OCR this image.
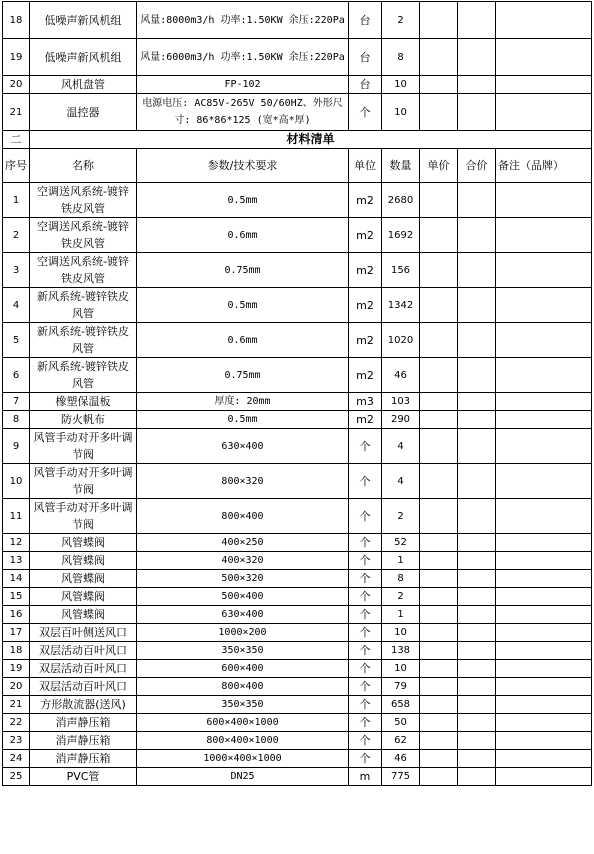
18	低噪声新风机组	风量:8000m3/h 功率:1.50KW 余压:220Pa	台	2			
19	低噪声新风机组	风量:6000m3/h 功率:1.50KW 余压:220Pa	台	8			
20	风机盘管	FP-102	台	10			
21	温控器	电源电压: AC85V-265V 50/60HZ、外形尺寸: 86*86*125 (宽*高*厚)	个	10			
二	材料清单						
序号	名称	参数/技术要求	单位	数量	单价	合价	备注（品牌）
1	空调送风系统-镀锌铁皮风管	0.5mm	m2	2680			
2	空调送风系统-镀锌铁皮风管	0.6mm	m2	1692			
3	空调送风系统-镀锌铁皮风管	0.75mm	m2	156			
4	新风系统-镀锌铁皮风管	0.5mm	m2	1342			
5	新风系统-镀锌铁皮风管	0.6mm	m2	1020			
6	新风系统-镀锌铁皮风管	0.75mm	m2	46			
7	橡塑保温板	厚度: 20mm	m3	103			
8	防火帆布	0.5mm	m2	290			
9	风管手动对开多叶调节阀	630×400	个	4			
10	风管手动对开多叶调节阀	800×320	个	4			
11	风管手动对开多叶调节阀	800×400	个	2			
12	风管蝶阀	400×250	个	52			
13	风管蝶阀	400×320	个	1			
14	风管蝶阀	500×320	个	8			
15	风管蝶阀	500×400	个	2			
16	风管蝶阀	630×400	个	1			
17	双层百叶侧送风口	1000×200	个	10			
18	双层活动百叶风口	350×350	个	138			
19	双层活动百叶风口	600×400	个	10			
20	双层活动百叶风口	800×400	个	79			
21	方形散流器(送风)	350×350	个	658			
22	消声静压箱	600×400×1000	个	50			
23	消声静压箱	800×400×1000	个	62			
24	消声静压箱	1000×400×1000	个	46			
25	PVC管	DN25	m	775			
